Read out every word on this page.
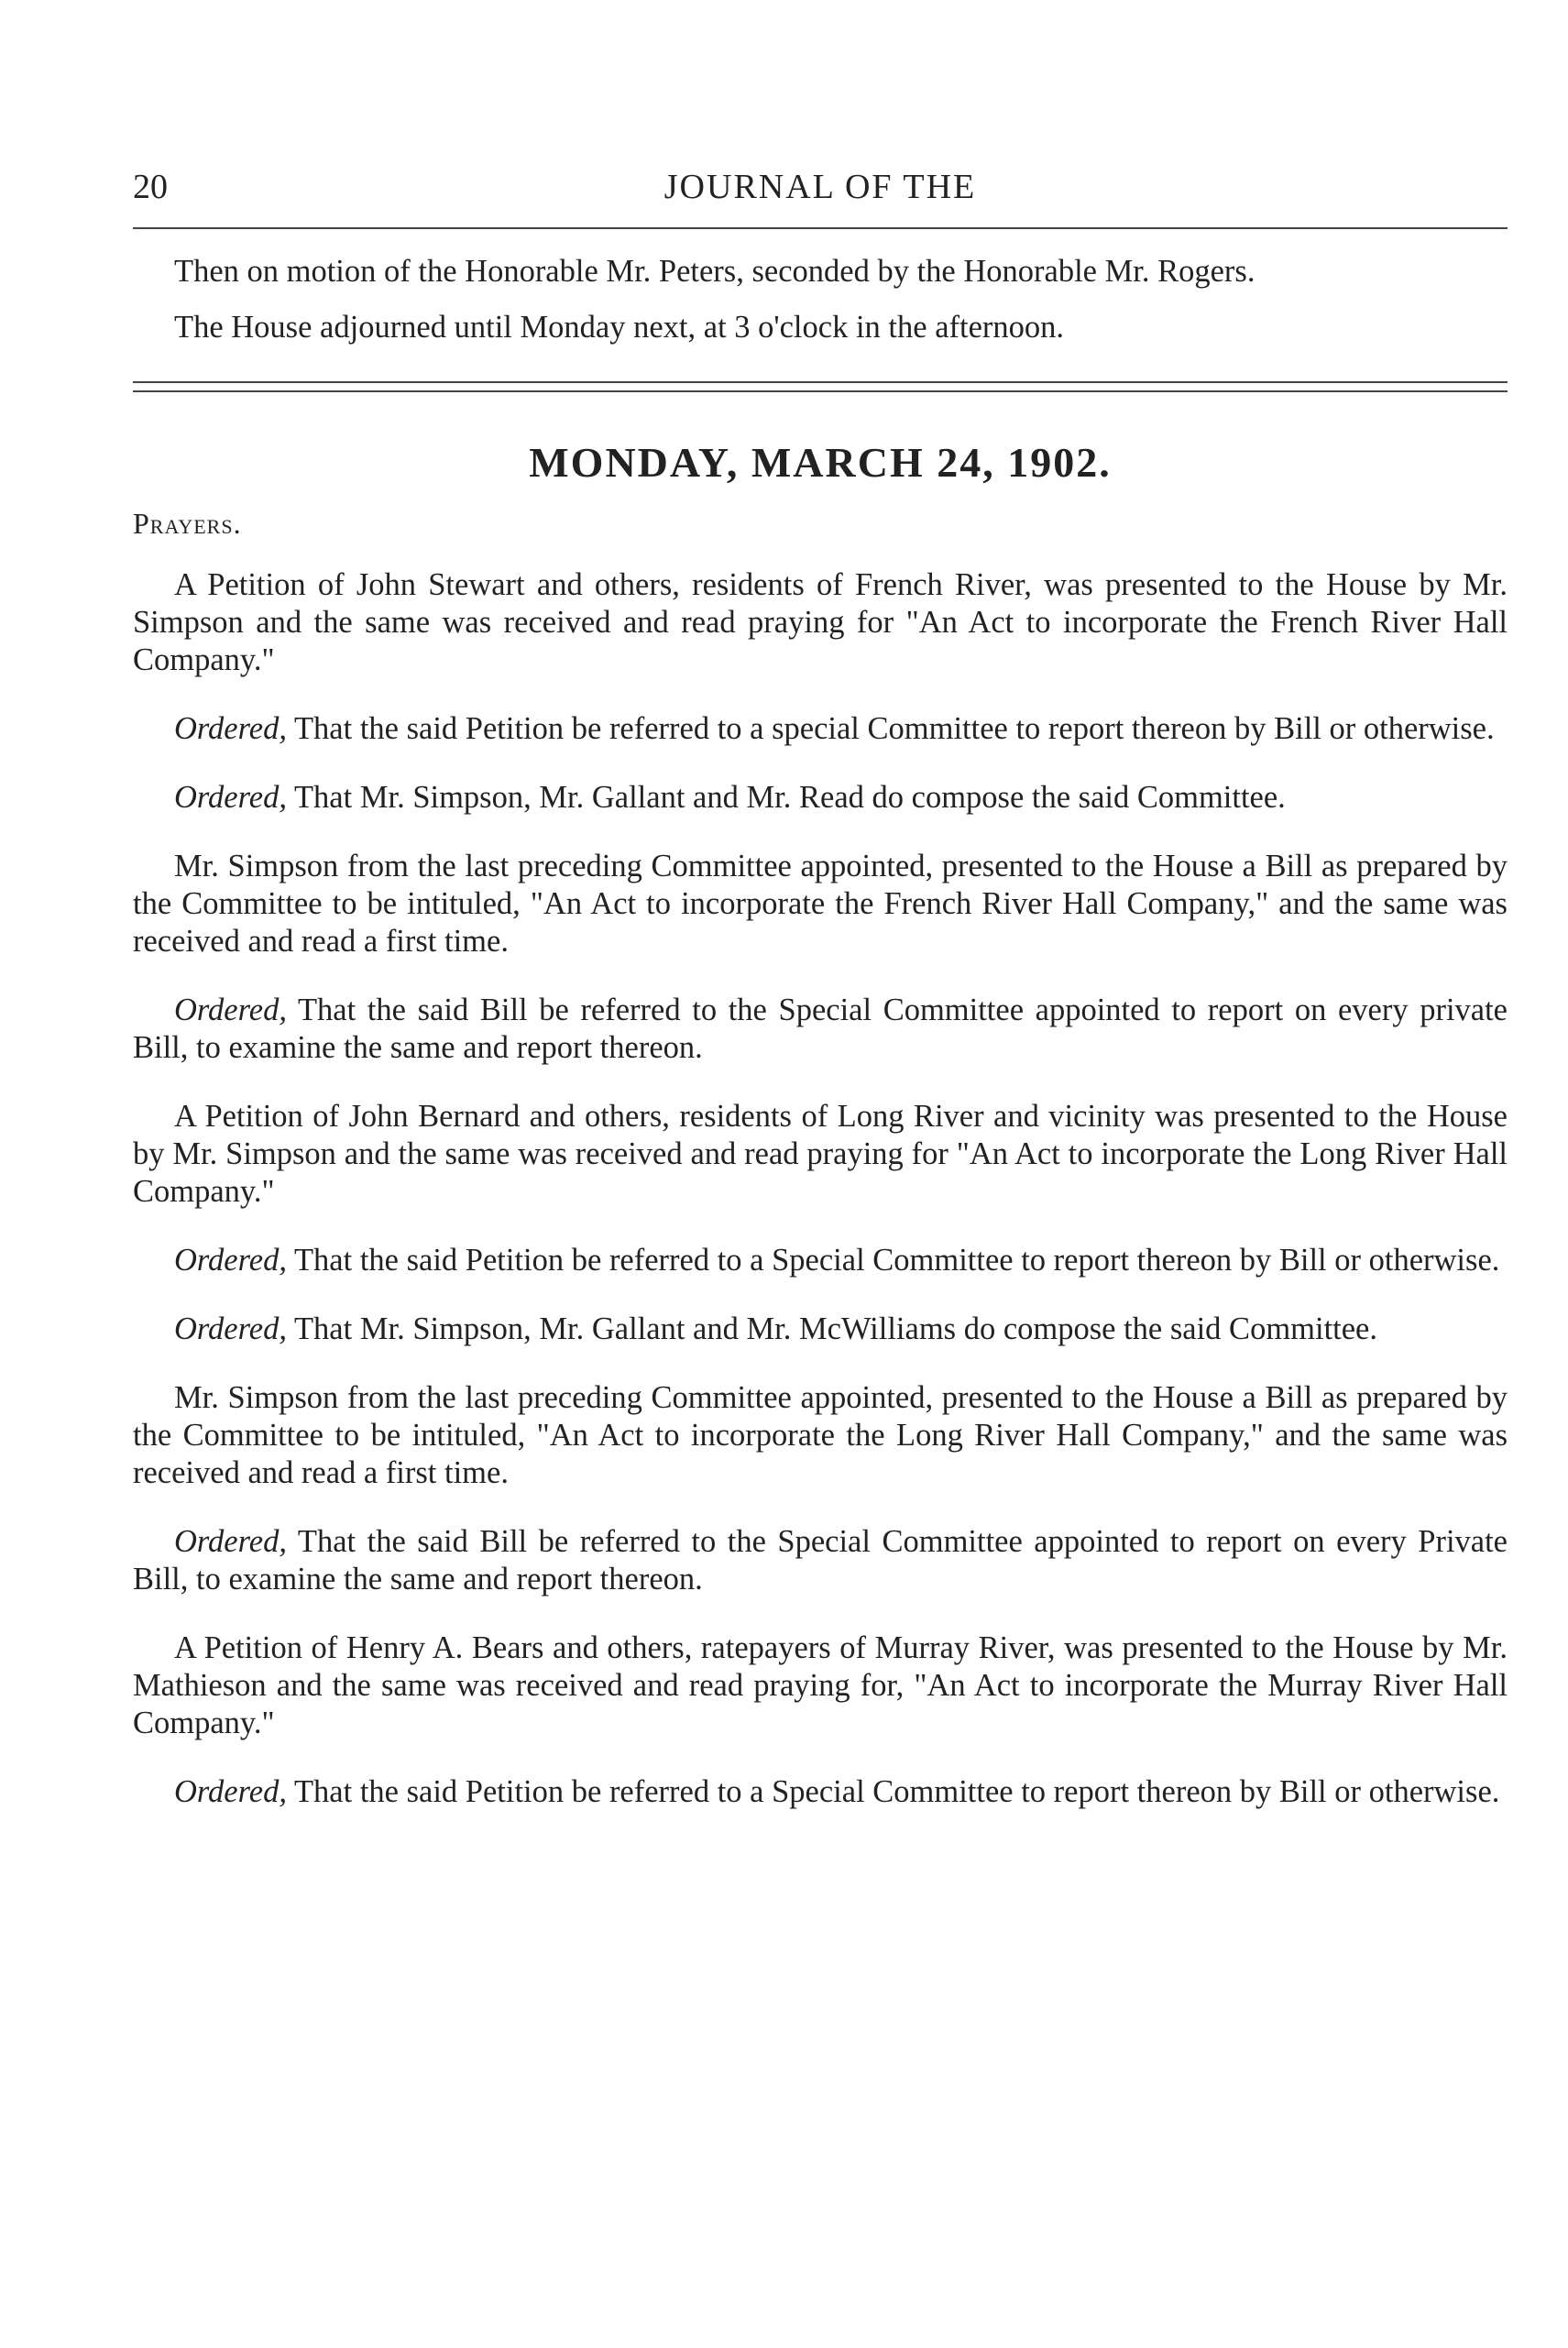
20	JOURNAL OF THE

Then on motion of the Honorable Mr. Peters, seconded by the Honorable Mr. Rogers.

The House adjourned until Monday next, at 3 o'clock in the afternoon.

MONDAY, MARCH 24, 1902.

Prayers.

A Petition of John Stewart and others, residents of French River, was presented to the House by Mr. Simpson and the same was received and read praying for "An Act to incorporate the French River Hall Company."

Ordered, That the said Petition be referred to a special Committee to report thereon by Bill or otherwise.

Ordered, That Mr. Simpson, Mr. Gallant and Mr. Read do compose the said Committee.

Mr. Simpson from the last preceding Committee appointed, presented to the House a Bill as prepared by the Committee to be intituled, "An Act to incorporate the French River Hall Company," and the same was received and read a first time.

Ordered, That the said Bill be referred to the Special Committee appointed to report on every private Bill, to examine the same and report thereon.

A Petition of John Bernard and others, residents of Long River and vicinity was presented to the House by Mr. Simpson and the same was received and read praying for "An Act to incorporate the Long River Hall Company."

Ordered, That the said Petition be referred to a Special Committee to report thereon by Bill or otherwise.

Ordered, That Mr. Simpson, Mr. Gallant and Mr. McWilliams do compose the said Committee.

Mr. Simpson from the last preceding Committee appointed, presented to the House a Bill as prepared by the Committee to be intituled, "An Act to incorporate the Long River Hall Company," and the same was received and read a first time.

Ordered, That the said Bill be referred to the Special Committee appointed to report on every Private Bill, to examine the same and report thereon.

A Petition of Henry A. Bears and others, ratepayers of Murray River, was presented to the House by Mr. Mathieson and the same was received and read praying for, "An Act to incorporate the Murray River Hall Company."

Ordered, That the said Petition be referred to a Special Committee to report thereon by Bill or otherwise.
